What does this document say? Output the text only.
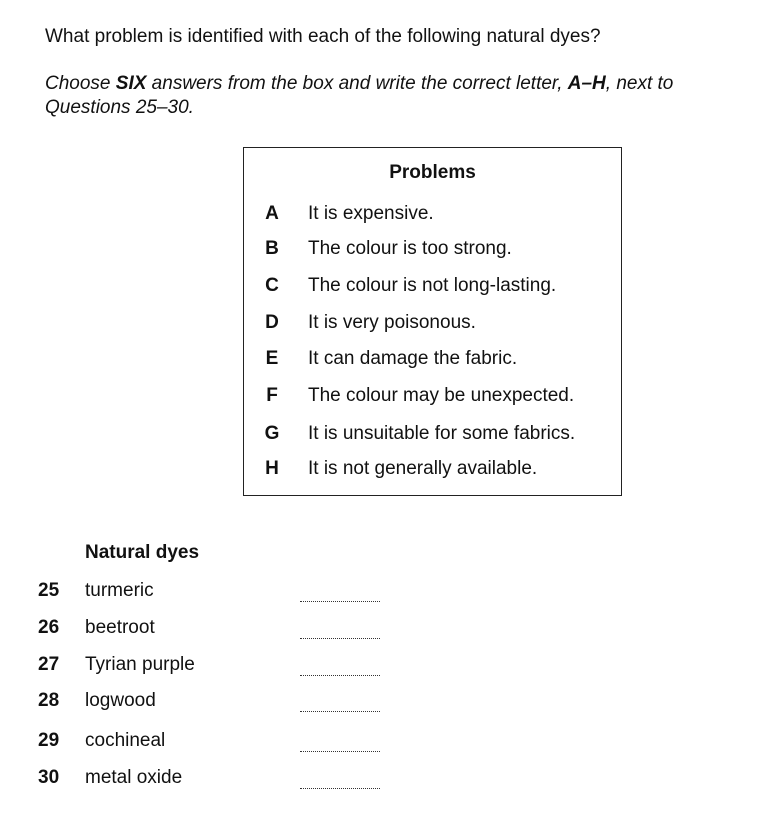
What problem is identified with each of the following natural dyes?

Choose SIX answers from the box and write the correct letter, A–H, next to Questions 25–30.

Problems
A It is expensive.
B The colour is too strong.
C The colour is not long-lasting.
D It is very poisonous.
E It can damage the fabric.
F The colour may be unexpected.
G It is unsuitable for some fabrics.
H It is not generally available.
Natural dyes
25 turmeric
26 beetroot
27 Tyrian purple
28 logwood
29 cochineal
30 metal oxide
